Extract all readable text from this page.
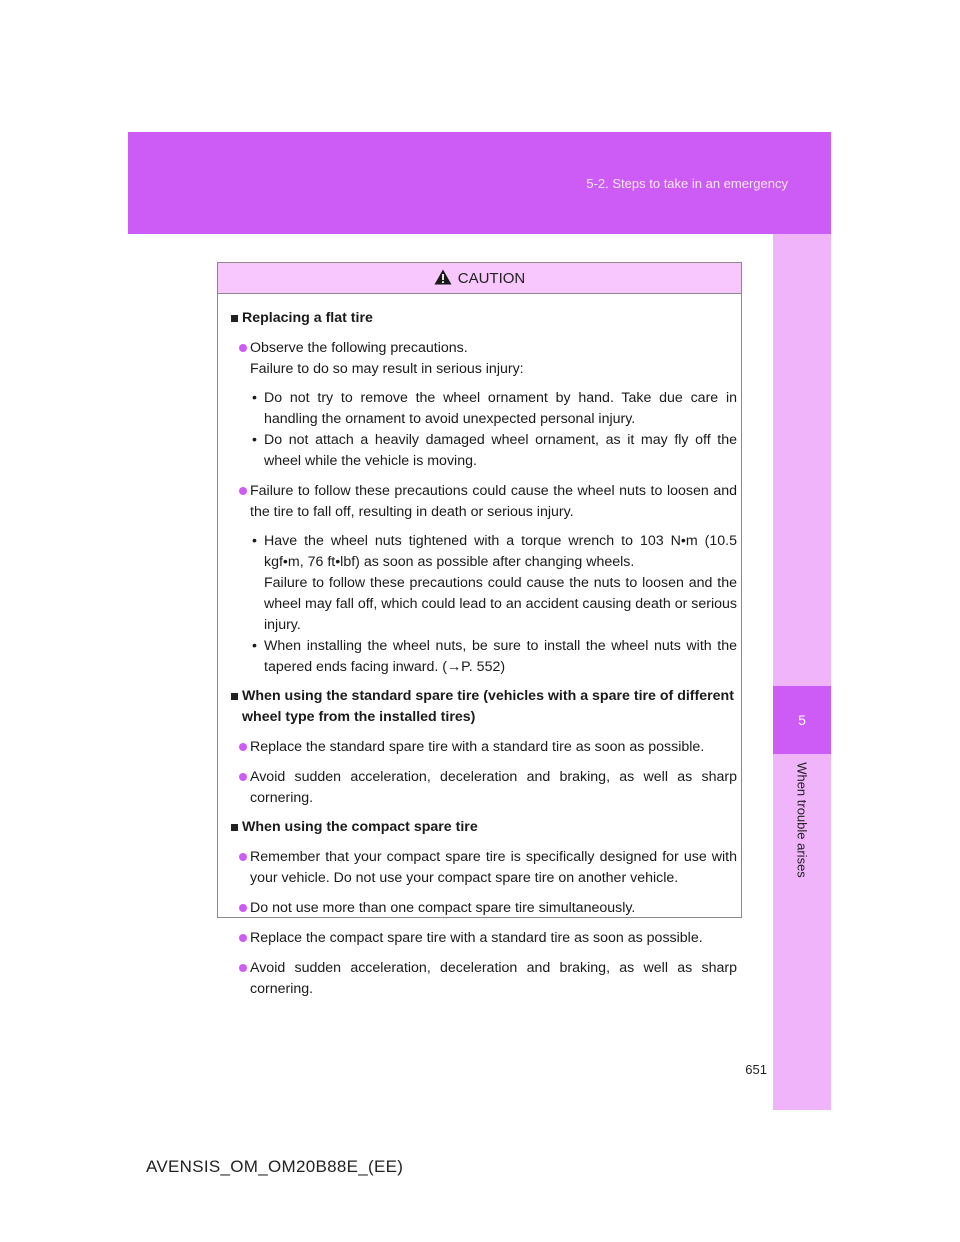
5-2. Steps to take in an emergency
5
When trouble arises
CAUTION
Replacing a flat tire
Observe the following precautions.
Failure to do so may result in serious injury:
• Do not try to remove the wheel ornament by hand. Take due care in handling the ornament to avoid unexpected personal injury.
• Do not attach a heavily damaged wheel ornament, as it may fly off the wheel while the vehicle is moving.
Failure to follow these precautions could cause the wheel nuts to loosen and the tire to fall off, resulting in death or serious injury.
• Have the wheel nuts tightened with a torque wrench to 103 N•m (10.5 kgf•m, 76 ft•lbf) as soon as possible after changing wheels.
Failure to follow these precautions could cause the nuts to loosen and the wheel may fall off, which could lead to an accident causing death or serious injury.
• When installing the wheel nuts, be sure to install the wheel nuts with the tapered ends facing inward. (→P. 552)
When using the standard spare tire (vehicles with a spare tire of different wheel type from the installed tires)
Replace the standard spare tire with a standard tire as soon as possible.
Avoid sudden acceleration, deceleration and braking, as well as sharp cornering.
When using the compact spare tire
Remember that your compact spare tire is specifically designed for use with your vehicle. Do not use your compact spare tire on another vehicle.
Do not use more than one compact spare tire simultaneously.
Replace the compact spare tire with a standard tire as soon as possible.
Avoid sudden acceleration, deceleration and braking, as well as sharp cornering.
651
AVENSIS_OM_OM20B88E_(EE)
